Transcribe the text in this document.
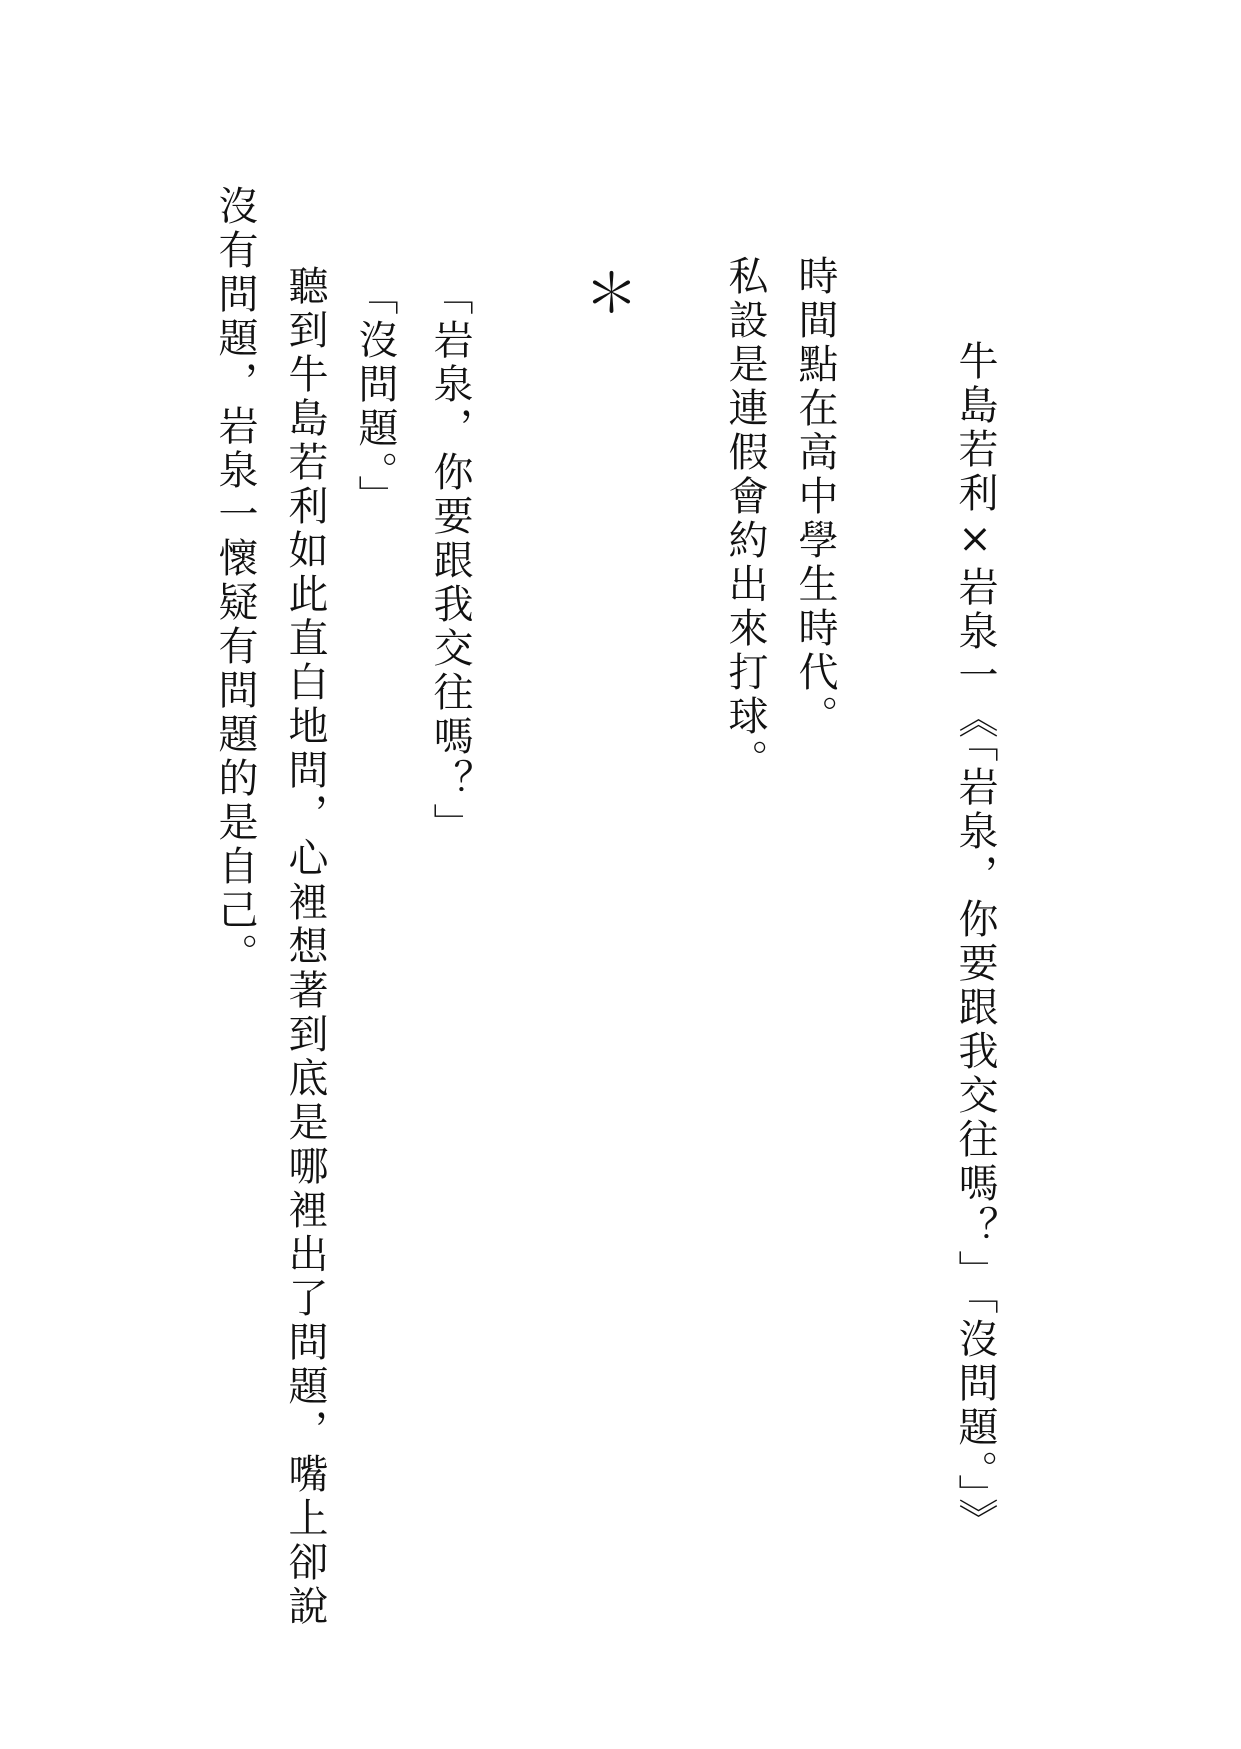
牛島若利×岩泉一《「岩泉，你要跟我交往嗎？」「沒問題。」》
時間點在高中學生時代。
私設是連假會約出來打球。
＊
「岩泉，你要跟我交往嗎？」
「沒問題。」
聽到牛島若利如此直白地問，心裡想著到底是哪裡出了問題，嘴上卻說
沒有問題，岩泉一懷疑有問題的是自己。
